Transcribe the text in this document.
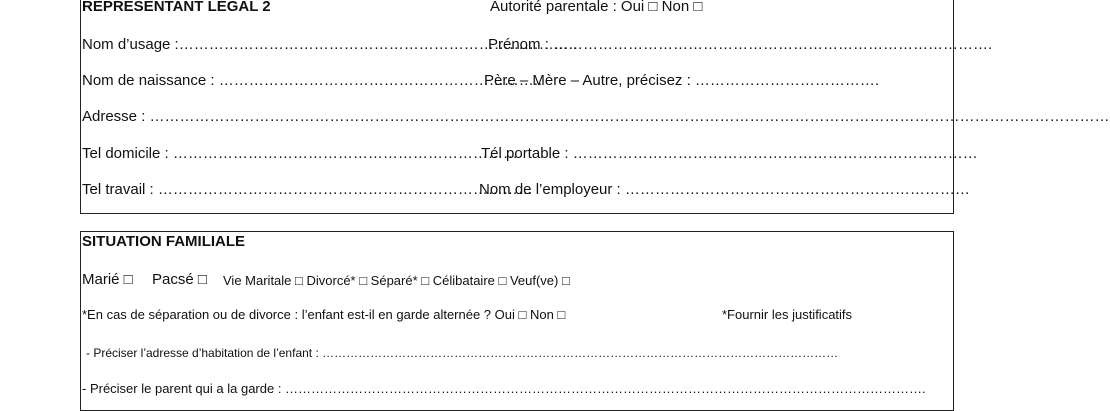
REPRESENTANT LEGAL 2	Autorité parentale : Oui □ Non □
Nom d’usage :……………………………………………………………………..
Prénom : …………………………………………………………………………….
Nom de naissance : ………………………………………………………..
Père – Mère – Autre, précisez : ……………………………….
Adresse : …………………………………………………………………………………………………………………………………………………………………………
Tel domicile : ……………………………………………………………
Tél portable : ………………………………………………………………………
Tel travail : …………………………………………………………………
Nom de l’employeur : ……………………………………………………………
SITUATION FAMILIALE
Marié □ Pacsé □ Vie Maritale □ Divorcé* □ Séparé* □ Célibataire □ Veuf(ve) □
*En cas de séparation ou de divorce : l’enfant est-il en garde alternée ? Oui □ Non □	*Fournir les justificatifs
- Préciser l’adresse d’habitation de l’enfant : …………………………………………………………………………………………………………………
- Préciser le parent qui a la garde : ………………………………………………………………………………………………………………………………….
